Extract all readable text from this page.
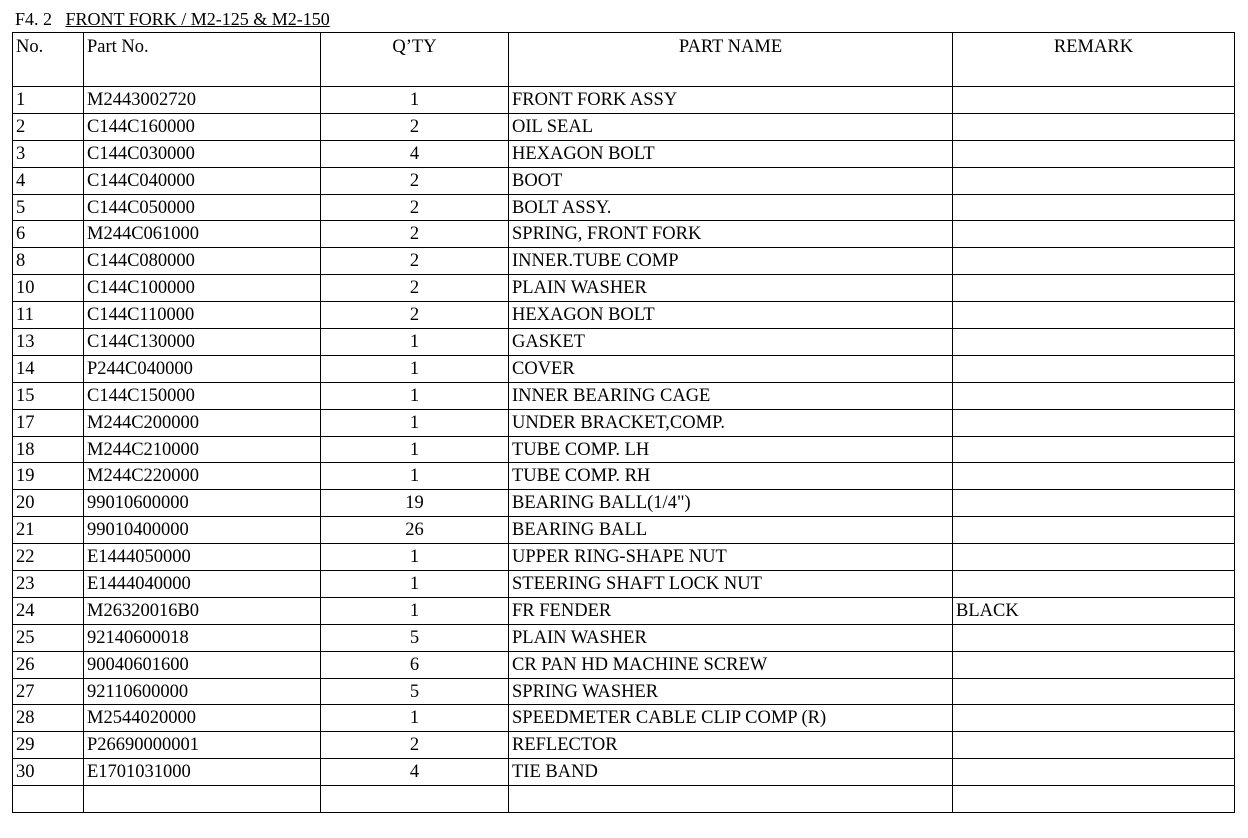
F4. 2 FRONT FORK / M2-125 & M2-150
No.	Part No.	Q’TY	PART NAME	REMARK
1	M2443002720	1	FRONT FORK ASSY	
2	C144C160000	2	OIL SEAL	
3	C144C030000	4	HEXAGON BOLT	
4	C144C040000	2	BOOT	
5	C144C050000	2	BOLT ASSY.	
6	M244C061000	2	SPRING, FRONT FORK	
8	C144C080000	2	INNER.TUBE COMP	
10	C144C100000	2	PLAIN WASHER	
11	C144C110000	2	HEXAGON BOLT	
13	C144C130000	1	GASKET	
14	P244C040000	1	COVER	
15	C144C150000	1	INNER BEARING CAGE	
17	M244C200000	1	UNDER BRACKET,COMP.	
18	M244C210000	1	TUBE COMP. LH	
19	M244C220000	1	TUBE COMP. RH	
20	99010600000	19	BEARING BALL(1/4")	
21	99010400000	26	BEARING BALL	
22	E1444050000	1	UPPER RING-SHAPE NUT	
23	E1444040000	1	STEERING SHAFT LOCK NUT	
24	M26320016B0	1	FR FENDER	BLACK
25	92140600018	5	PLAIN WASHER	
26	90040601600	6	CR PAN HD MACHINE SCREW	
27	92110600000	5	SPRING WASHER	
28	M2544020000	1	SPEEDMETER CABLE CLIP COMP (R)	
29	P26690000001	2	REFLECTOR	
30	E1701031000	4	TIE BAND	
